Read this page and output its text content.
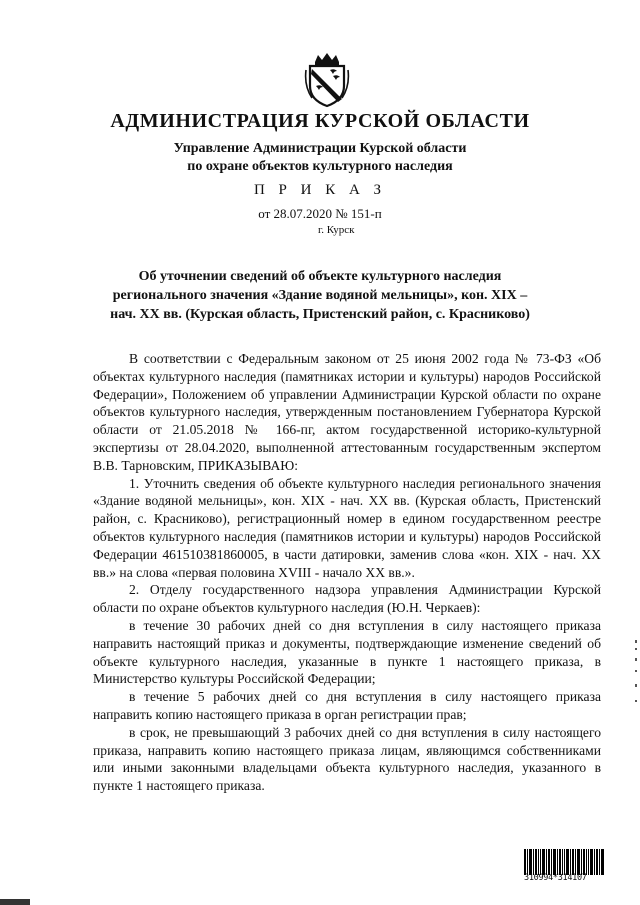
АДМИНИСТРАЦИЯ КУРСКОЙ ОБЛАСТИ
Управление Администрации Курской области
по охране объектов культурного наследия
П Р И К А З
от 28.07.2020 № 151-п
г. Курск
Об уточнении сведений об объекте культурного наследия
регионального значения «Здание водяной мельницы», кон. XIX –
нач. XX вв. (Курская область, Пристенский район, с. Красниково)

В соответствии с Федеральным законом от 25 июня 2002 года № 73-ФЗ «Об объектах культурного наследия (памятниках истории и культуры) народов Российской Федерации», Положением об управлении Администрации Курской области по охране объектов культурного наследия, утвержденным постановлением Губернатора Курской области от 21.05.2018 № 166-пг, актом государственной историко-культурной экспертизы от 28.04.2020, выполненной аттестованным государственным экспертом В.В. Тарновским, ПРИКАЗЫВАЮ:

1. Уточнить сведения об объекте культурного наследия регионального значения «Здание водяной мельницы», кон. XIX - нач. XX вв. (Курская область, Пристенский район, с. Красниково), регистрационный номер в едином государственном реестре объектов культурного наследия (памятников истории и культуры) народов Российской Федерации 461510381860005, в части датировки, заменив слова «кон. XIX - нач. XX вв.» на слова «первая половина XVIII - начало XX вв.».

2. Отделу государственного надзора управления Администрации Курской области по охране объектов культурного наследия (Ю.Н. Черкаев):

в течение 30 рабочих дней со дня вступления в силу настоящего приказа направить настоящий приказ и документы, подтверждающие изменение сведений об объекте культурного наследия, указанные в пункте 1 настоящего приказа, в Министерство культуры Российской Федерации;

в течение 5 рабочих дней со дня вступления в силу настоящего приказа направить копию настоящего приказа в орган регистрации прав;

в срок, не превышающий 3 рабочих дней со дня вступления в силу настоящего приказа, направить копию настоящего приказа лицам, являющимся собственниками или иными законными владельцами объекта культурного наследия, указанного в пункте 1 настоящего приказа.

310994*314107
